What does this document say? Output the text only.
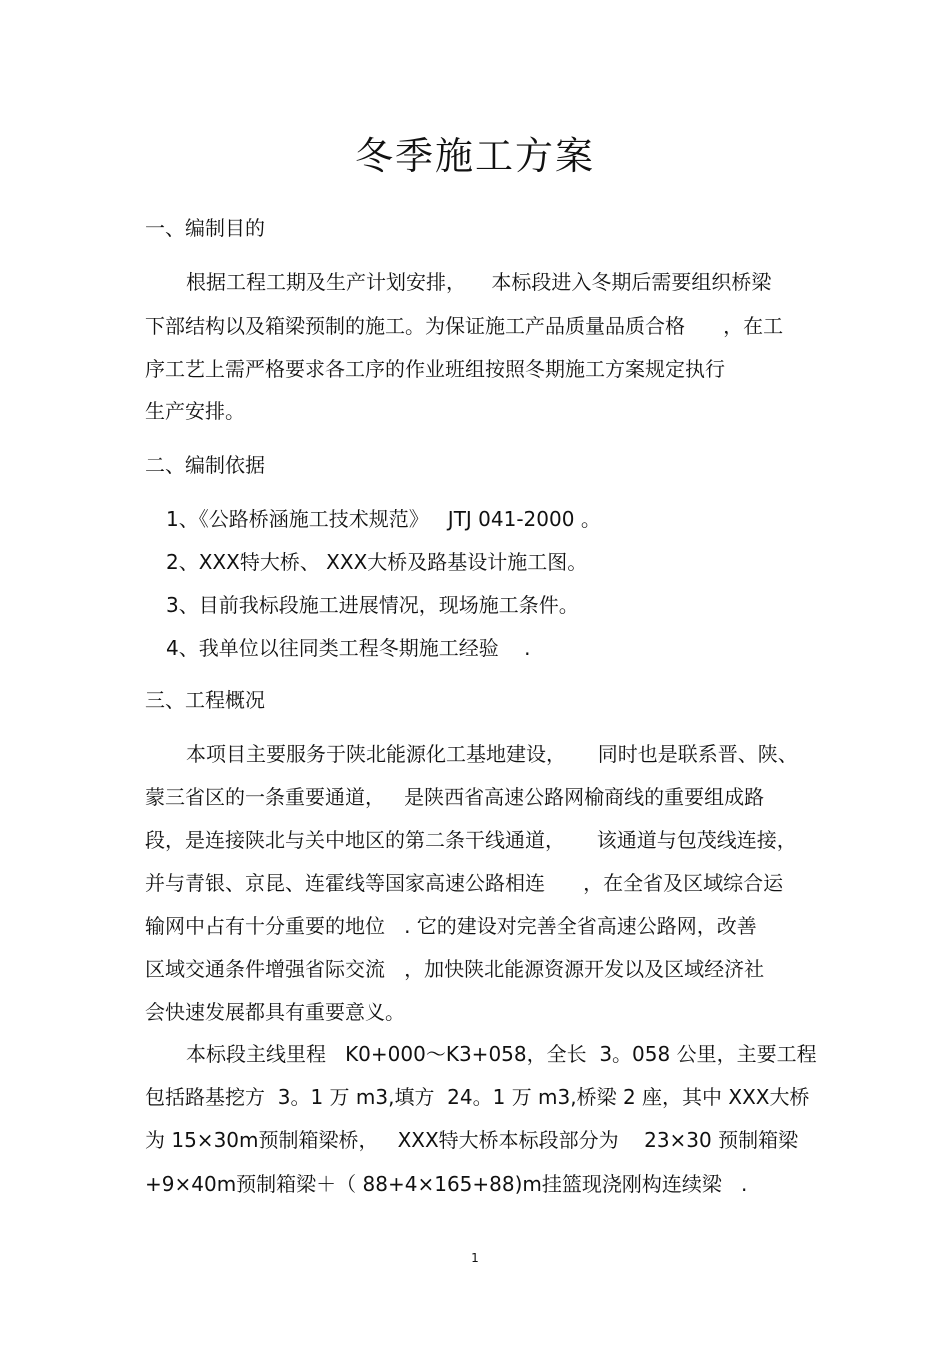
冬季施工方案
一、编制目的
根据工程工期及生产计划安排，    本标段进入冬期后需要组织桥梁
下部结构以及箱梁预制的施工。为保证施工产品质量品质合格      ，在工
序工艺上需严格要求各工序的作业班组按照冬期施工方案规定执行
生产安排。
二、编制依据
1、《公路桥涵施工技术规范》   JTJ 041-2000 。
2、XXX特大桥、 XXX大桥及路基设计施工图。
3、目前我标段施工进展情况，现场施工条件。
4、我单位以往同类工程冬期施工经验    .
三、工程概况
本项目主要服务于陕北能源化工基地建设，     同时也是联系晋、陕、
蒙三省区的一条重要通道，   是陕西省高速公路网榆商线的重要组成路
段，是连接陕北与关中地区的第二条干线通道，     该通道与包茂线连接，
并与青银、京昆、连霍线等国家高速公路相连      ，在全省及区域综合运
输网中占有十分重要的地位   . 它的建设对完善全省高速公路网，改善
区域交通条件增强省际交流   ，加快陕北能源资源开发以及区域经济社
会快速发展都具有重要意义。
本标段主线里程   K0+000～K3+058，全长  3。058 公里，主要工程
包括路基挖方  3。1 万 m3,填方  24。1 万 m3,桥梁 2 座，其中 XXX大桥
为 15×30m预制箱梁桥，   XXX特大桥本标段部分为    23×30 预制箱梁
+9×40m预制箱梁＋（ 88+4×165+88)m挂篮现浇刚构连续梁   .
1
